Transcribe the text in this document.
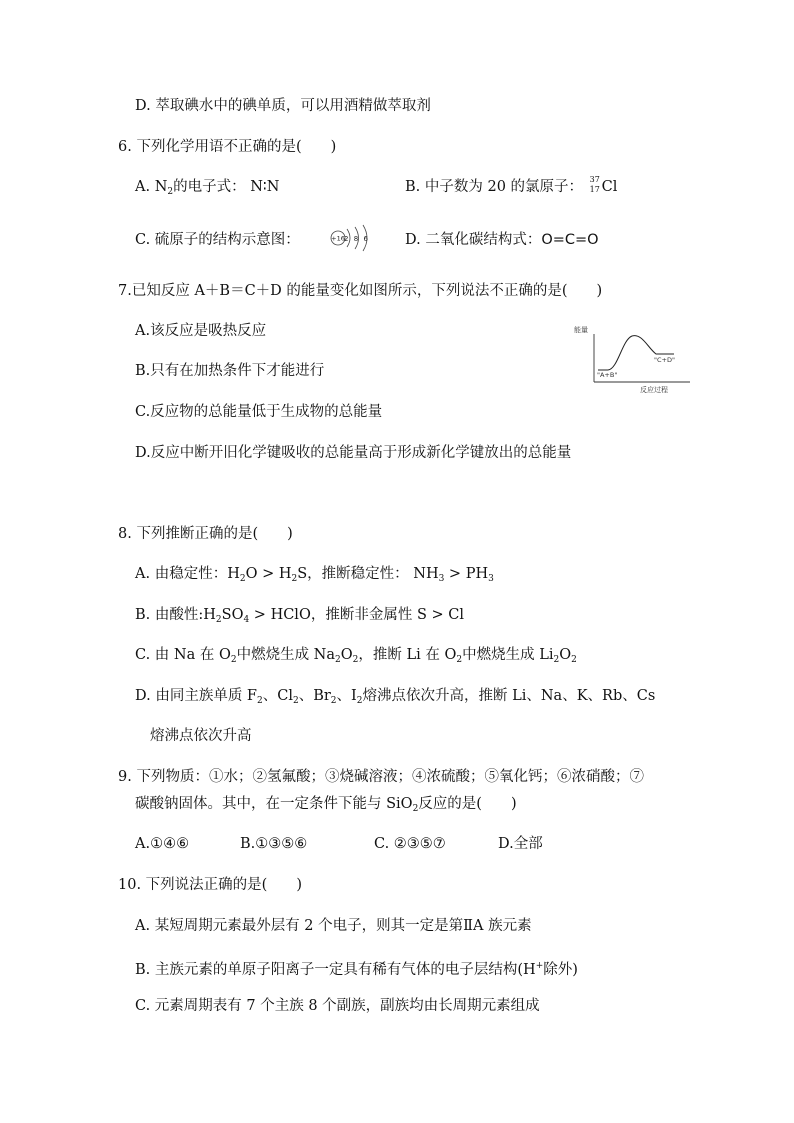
D. 萃取碘水中的碘单质，可以用酒精做萃取剂
6. 下列化学用语不正确的是(　　)
A. $N_2$的电子式： N∶N	B. 中子数为 20 的氯原子： 37
17 Cl
C. 硫原子的结构示意图：	+16 2 8 6	D. 二氧化碳结构式：O=C=O
7.已知反应 A＋B＝C＋D 的能量变化如图所示，下列说法不正确的是(　　)
A.该反应是吸热反应
B.只有在加热条件下才能进行
C.反应物的总能量低于生成物的总能量
D.反应中断开旧化学键吸收的总能量高于形成新化学键放出的总能量
能量
反应过程
"A+B"
"C+D"
8. 下列推断正确的是(　　)
A. 由稳定性：$H_2O > H_2S$，推断稳定性： $NH_3 > PH_3$
B. 由酸性$:H_2SO_4$ > HClO，推断非金属性 S > Cl
C. 由 Na 在 $O_2$中燃烧生成 $Na_2O_2$，推断 Li 在 $O_2$中燃烧生成 $Li_2O_2$
D. 由同主族单质 $F_2$、$Cl_2$、$Br_2$、$I_2$熔沸点依次升高，推断 Li、Na、K、Rb、Cs
熔沸点依次升高
9. 下列物质：①水；②氢氟酸；③烧碱溶液；④浓硫酸；⑤氧化钙；⑥浓硝酸；⑦
碳酸钠固体。其中，在一定条件下能与 SiO$_2$反应的是(　　)
A.①④⑥	B.①③⑤⑥	C. ②③⑤⑦	D.全部
10. 下列说法正确的是(　　)
A. 某短周期元素最外层有 2 个电子，则其一定是第ⅡA 族元素
B. 主族元素的单原子阳离子一定具有稀有气体的电子层结构(H+除外)
C. 元素周期表有 7 个主族 8 个副族，副族均由长周期元素组成
